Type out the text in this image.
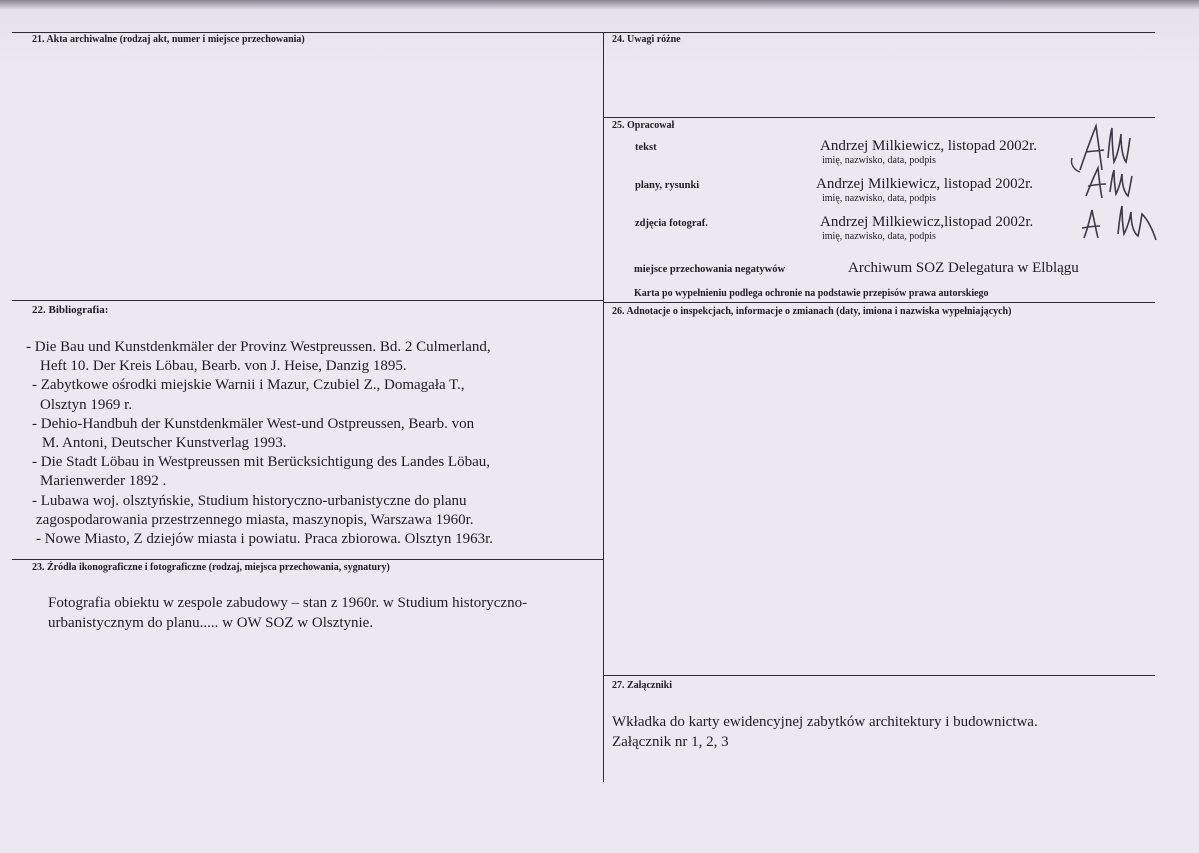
21. Akta archiwalne (rodzaj akt, numer i miejsce przechowania)	24. Uwagi różne
25. Opracował
tekst	Andrzej Milkiewicz, listopad 2002r.
imię, nazwisko, data, podpis
plany, rysunki	Andrzej Milkiewicz, listopad 2002r.
imię, nazwisko, data, podpis
zdjęcia fotograf.	Andrzej Milkiewicz,listopad 2002r.
imię, nazwisko, data, podpis
miejsce przechowania negatywów	Archiwum SOZ Delegatura w Elblągu
Karta po wypełnieniu podlega ochronie na podstawie przepisów prawa autorskiego
22. Bibliografia:
- Die Bau und Kunstdenkmäler der Provinz Westpreussen. Bd. 2 Culmerland,
Heft 10. Der Kreis Löbau, Bearb. von J. Heise, Danzig 1895.
- Zabytkowe ośrodki miejskie Warnii i Mazur, Czubiel Z., Domagała T.,
Olsztyn 1969 r.
- Dehio-Handbuh der Kunstdenkmäler West-und Ostpreussen, Bearb. von
M. Antoni, Deutscher Kunstverlag 1993.
- Die Stadt Löbau in Westpreussen mit Berücksichtigung des Landes Löbau,
Marienwerder 1892 .
- Lubawa woj. olsztyńskie, Studium historyczno-urbanistyczne do planu
zagospodarowania przestrzennego miasta, maszynopis, Warszawa 1960r.
- Nowe Miasto, Z dziejów miasta i powiatu. Praca zbiorowa. Olsztyn 1963r.
26. Adnotacje o inspekcjach, informacje o zmianach (daty, imiona i nazwiska wypełniających)
23. Źródła ikonograficzne i fotograficzne (rodzaj, miejsca przechowania, sygnatury)
Fotografia obiektu w zespole zabudowy – stan z 1960r. w Studium historyczno-
urbanistycznym do planu..... w OW SOZ w Olsztynie.
27. Załączniki
Wkładka do karty ewidencyjnej zabytków architektury i budownictwa.
Załącznik nr 1, 2, 3
